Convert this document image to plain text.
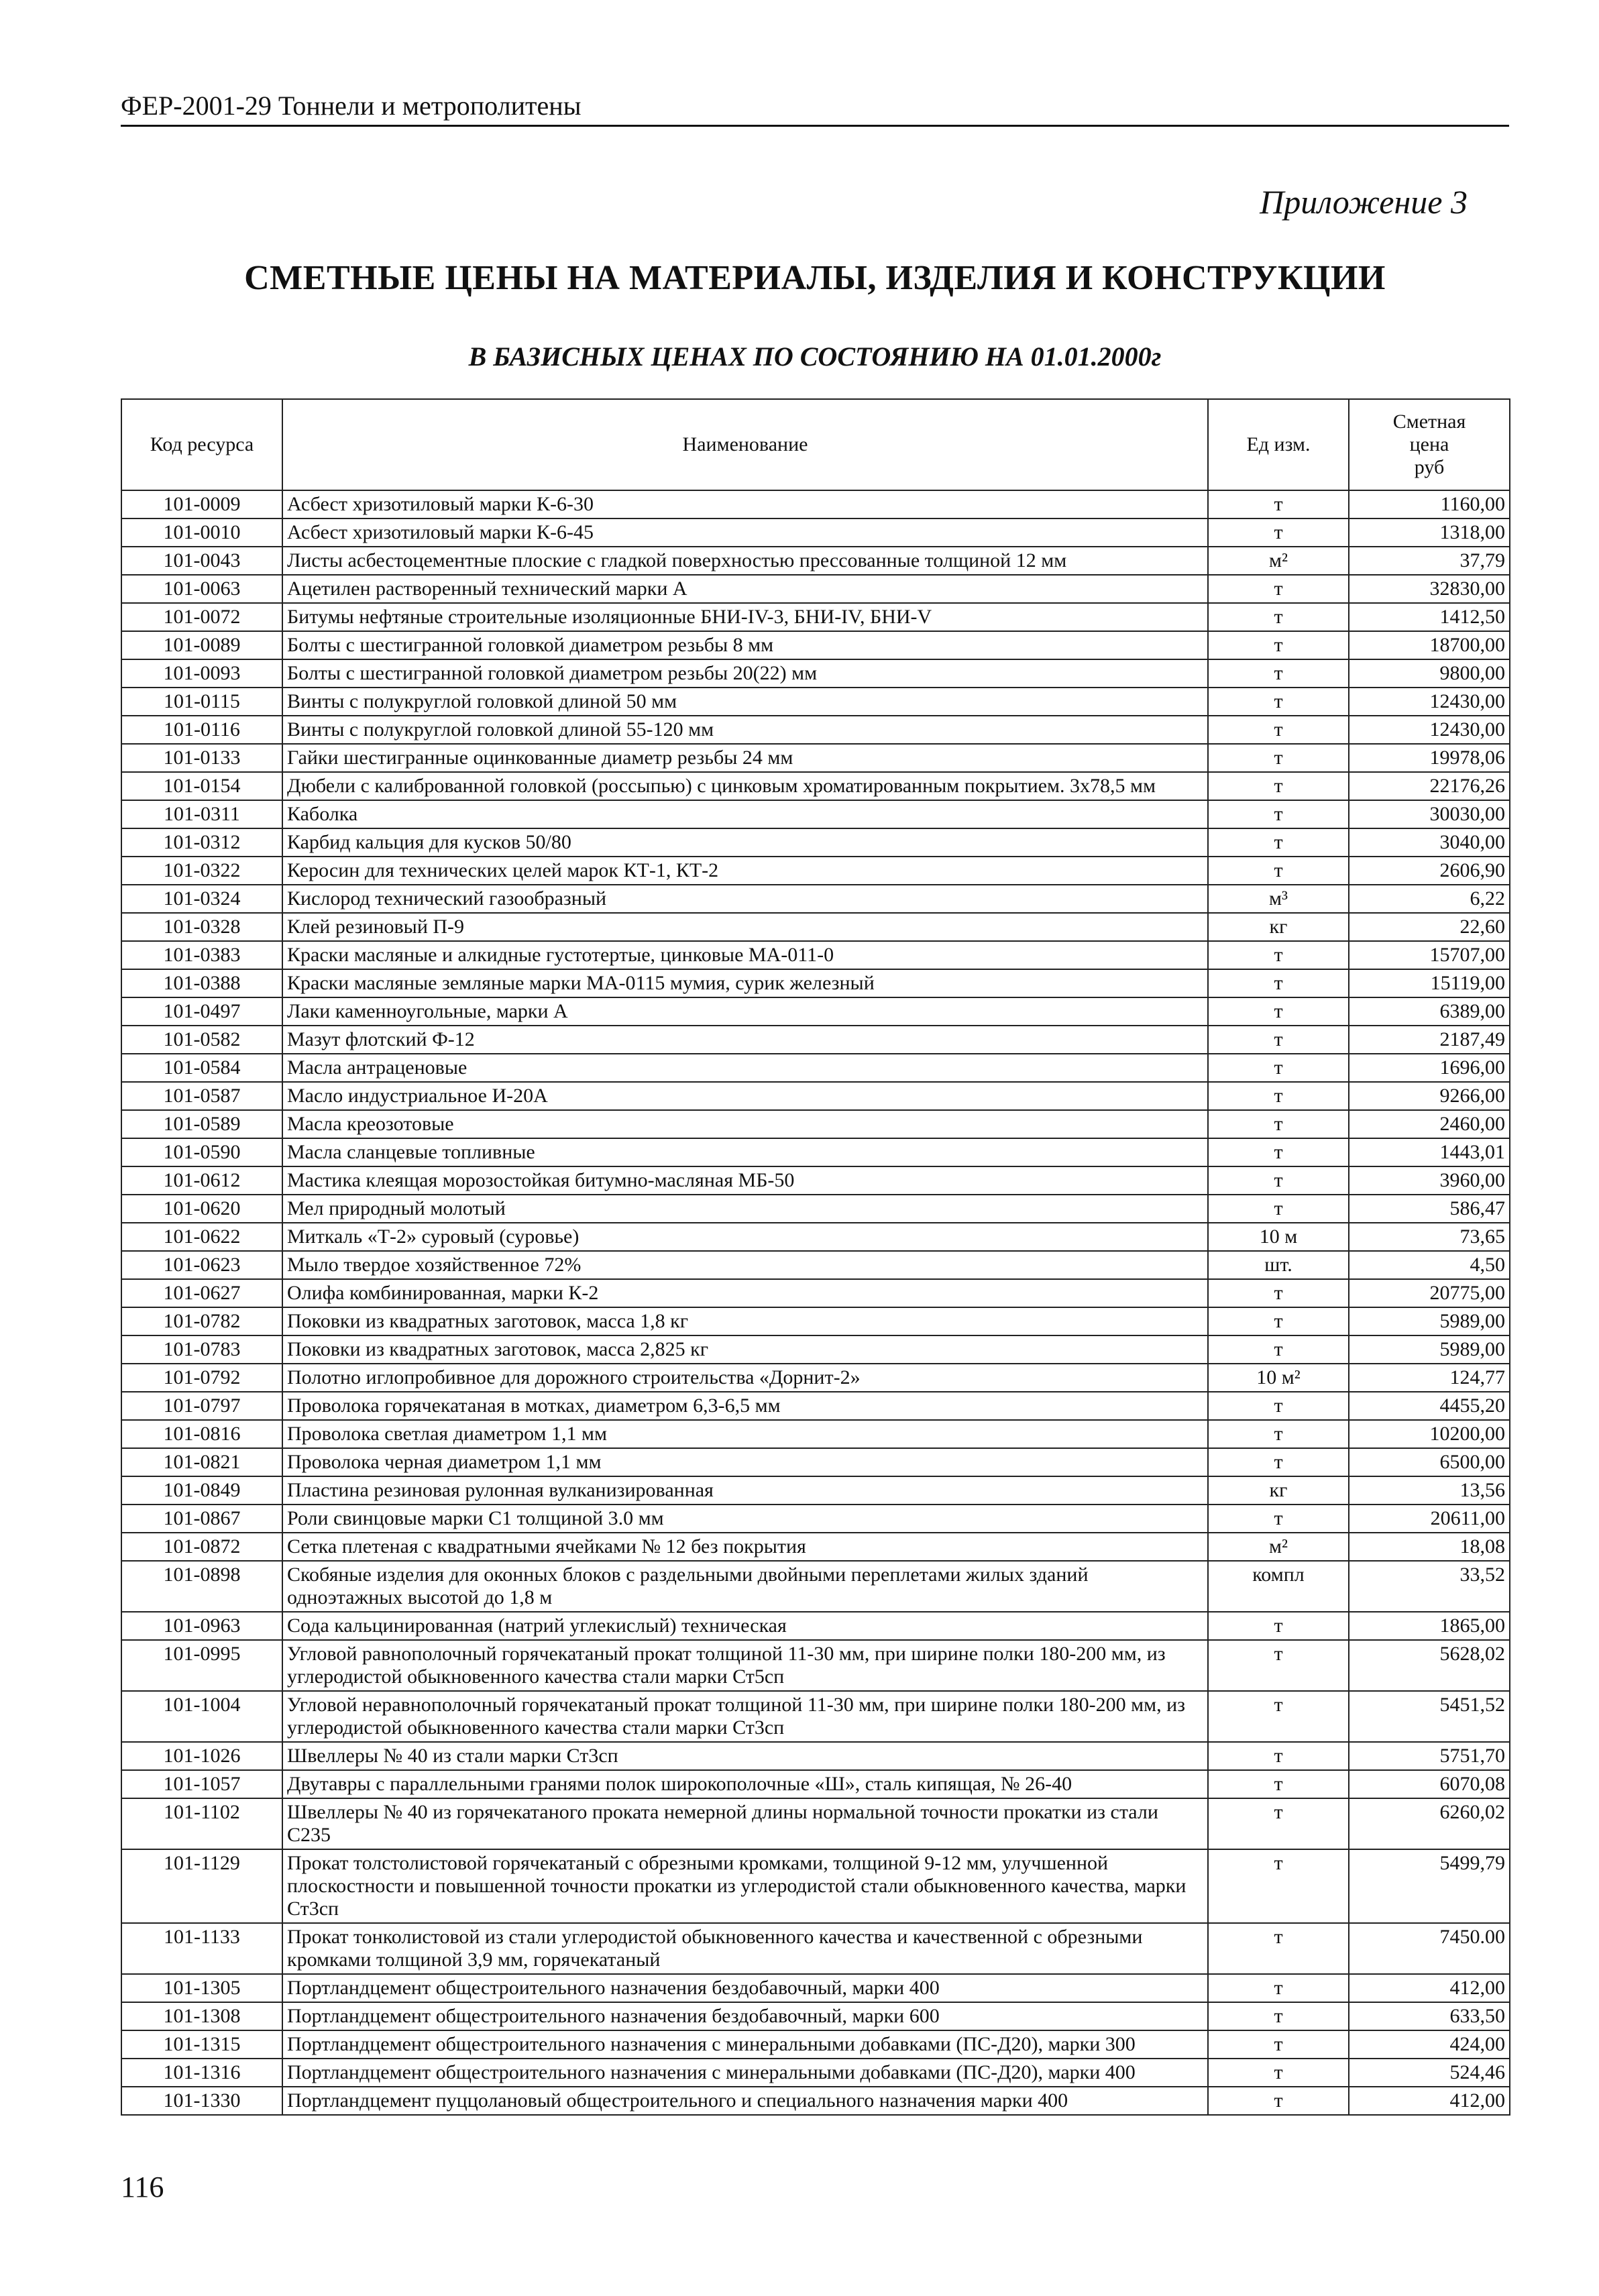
ФЕР-2001-29 Тоннели и метрополитены
Приложение 3
СМЕТНЫЕ ЦЕНЫ НА МАТЕРИАЛЫ, ИЗДЕЛИЯ И КОНСТРУКЦИИ
В БАЗИСНЫХ ЦЕНАХ ПО СОСТОЯНИЮ НА 01.01.2000г
Код ресурса	Наименование	Ед изм.	Сметная
цена
руб

101-0009	Асбест хризотиловый марки К-6-30	т	1160,00
101-0010	Асбест хризотиловый марки К-6-45	т	1318,00
101-0043	Листы асбестоцементные плоские с гладкой поверхностью прессованные толщиной 12 мм	м²	37,79
101-0063	Ацетилен растворенный технический марки А	т	32830,00
101-0072	Битумы нефтяные строительные изоляционные БНИ-IV-3, БНИ-IV, БНИ-V	т	1412,50
101-0089	Болты с шестигранной головкой диаметром резьбы 8 мм	т	18700,00
101-0093	Болты с шестигранной головкой диаметром резьбы 20(22) мм	т	9800,00
101-0115	Винты с полукруглой головкой длиной 50 мм	т	12430,00
101-0116	Винты с полукруглой головкой длиной 55-120 мм	т	12430,00
101-0133	Гайки шестигранные оцинкованные диаметр резьбы 24 мм	т	19978,06
101-0154	Дюбели с калиброванной головкой (россыпью) с цинковым хроматированным покрытием. 3х78,5 мм	т	22176,26
101-0311	Каболка	т	30030,00
101-0312	Карбид кальция для кусков 50/80	т	3040,00
101-0322	Керосин для технических целей марок КТ-1, КТ-2	т	2606,90
101-0324	Кислород технический газообразный	м³	6,22
101-0328	Клей резиновый П-9	кг	22,60
101-0383	Краски масляные и алкидные густотертые, цинковые МА-011-0	т	15707,00
101-0388	Краски масляные земляные марки МА-0115 мумия, сурик железный	т	15119,00
101-0497	Лаки каменноугольные, марки А	т	6389,00
101-0582	Мазут флотский Ф-12	т	2187,49
101-0584	Масла антраценовые	т	1696,00
101-0587	Масло индустриальное И-20А	т	9266,00
101-0589	Масла креозотовые	т	2460,00
101-0590	Масла сланцевые топливные	т	1443,01
101-0612	Мастика клеящая морозостойкая битумно-масляная МБ-50	т	3960,00
101-0620	Мел природный молотый	т	586,47
101-0622	Миткаль «Т-2» суровый (суровье)	10 м	73,65
101-0623	Мыло твердое хозяйственное 72%	шт.	4,50
101-0627	Олифа комбинированная, марки К-2	т	20775,00
101-0782	Поковки из квадратных заготовок, масса 1,8 кг	т	5989,00
101-0783	Поковки из квадратных заготовок, масса 2,825 кг	т	5989,00
101-0792	Полотно иглопробивное для дорожного строительства «Дорнит-2»	10 м²	124,77
101-0797	Проволока горячекатаная в мотках, диаметром 6,3-6,5 мм	т	4455,20
101-0816	Проволока светлая диаметром 1,1 мм	т	10200,00
101-0821	Проволока черная диаметром 1,1 мм	т	6500,00
101-0849	Пластина резиновая рулонная вулканизированная	кг	13,56
101-0867	Роли свинцовые марки С1 толщиной 3.0 мм	т	20611,00
101-0872	Сетка плетеная с квадратными ячейками № 12 без покрытия	м²	18,08
101-0898	Скобяные изделия для оконных блоков с раздельными двойными переплетами жилых зданий одноэтажных высотой до 1,8 м	компл	33,52
101-0963	Сода кальцинированная (натрий углекислый) техническая	т	1865,00
101-0995	Угловой равнополочный горячекатаный прокат толщиной 11-30 мм, при ширине полки 180-200 мм, из углеродистой обыкновенного качества стали марки Ст5сп	т	5628,02
101-1004	Угловой неравнополочный горячекатаный прокат толщиной 11-30 мм, при ширине полки 180-200 мм, из углеродистой обыкновенного качества стали марки Ст3сп	т	5451,52
101-1026	Швеллеры № 40 из стали марки Ст3сп	т	5751,70
101-1057	Двутавры с параллельными гранями полок широкополочные «Ш», сталь кипящая, № 26-40	т	6070,08
101-1102	Швеллеры № 40 из горячекатаного проката немерной длины нормальной точности прокатки из стали С235	т	6260,02
101-1129	Прокат толстолистовой горячекатаный с обрезными кромками, толщиной 9-12 мм, улучшенной плоскостности и повышенной точности прокатки из углеродистой стали обыкновенного качества, марки Ст3сп	т	5499,79
101-1133	Прокат тонколистовой из стали углеродистой обыкновенного качества и качественной с обрезными кромками толщиной 3,9 мм, горячекатаный	т	7450.00
101-1305	Портландцемент общестроительного назначения бездобавочный, марки 400	т	412,00
101-1308	Портландцемент общестроительного назначения бездобавочный, марки 600	т	633,50
101-1315	Портландцемент общестроительного назначения с минеральными добавками (ПС-Д20), марки 300	т	424,00
101-1316	Портландцемент общестроительного назначения с минеральными добавками (ПС-Д20), марки 400	т	524,46
101-1330	Портландцемент пуццолановый общестроительного и специального назначения марки 400	т	412,00
116
